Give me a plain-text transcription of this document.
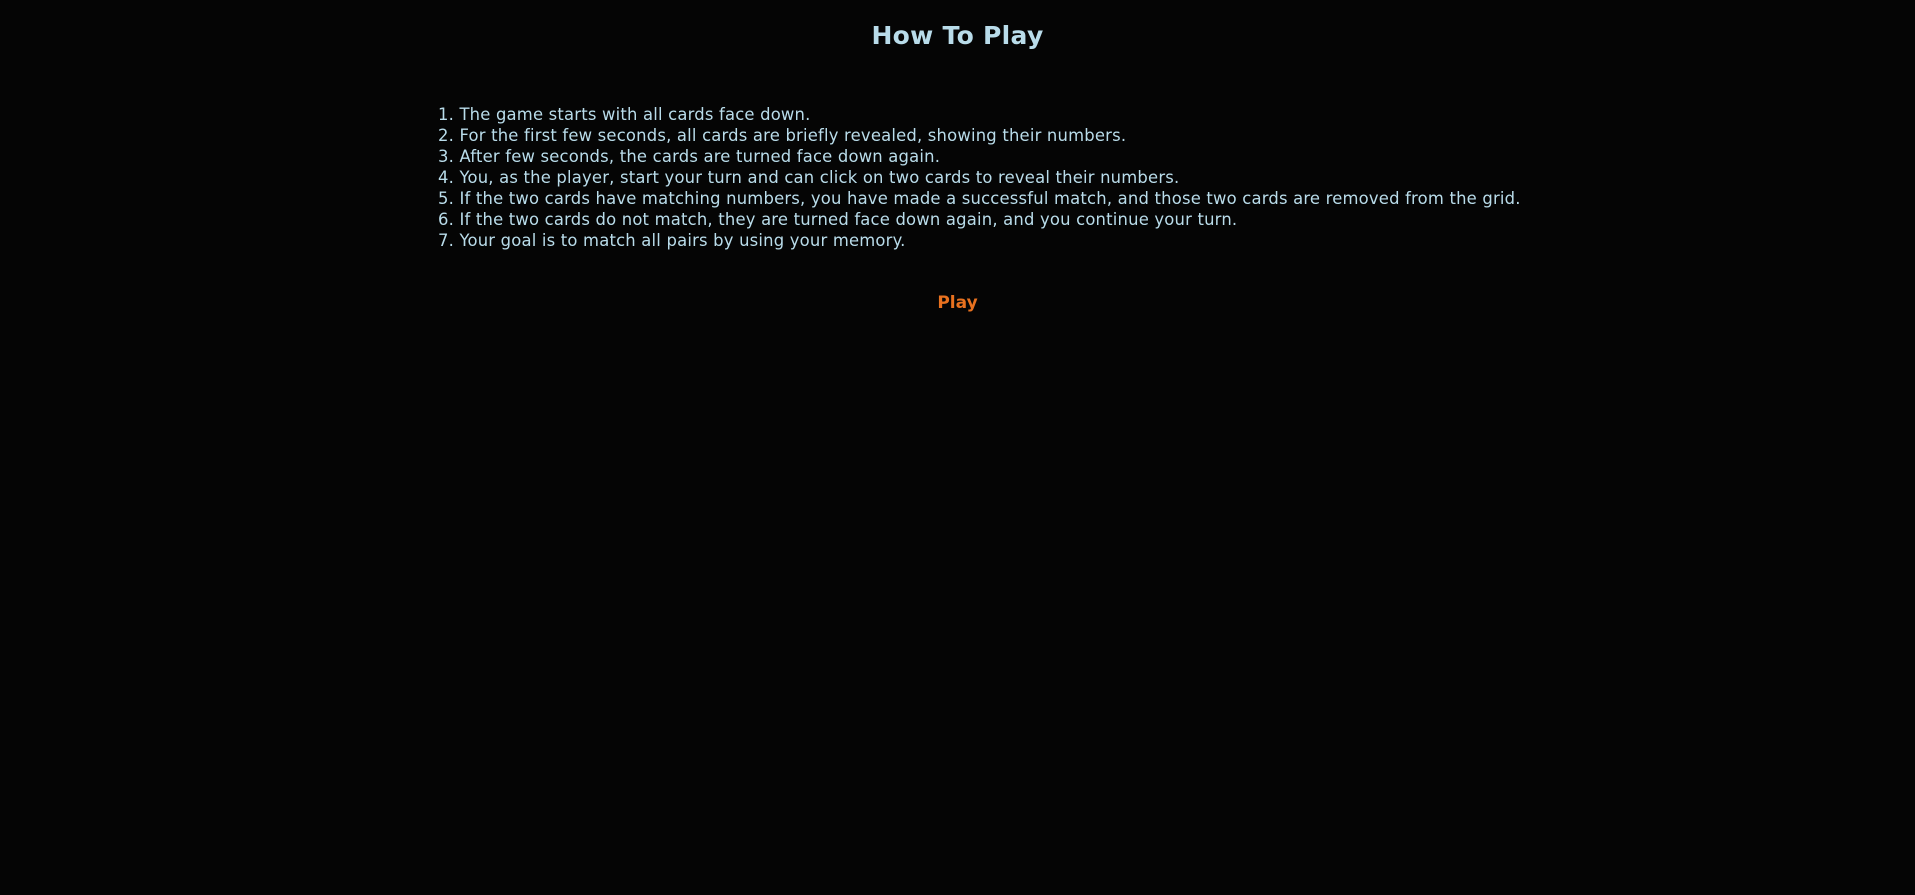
How To Play
1. The game starts with all cards face down.
2. For the first few seconds, all cards are briefly revealed, showing their numbers.
3. After few seconds, the cards are turned face down again.
4. You, as the player, start your turn and can click on two cards to reveal their numbers.
5. If the two cards have matching numbers, you have made a successful match, and those two cards are removed from the grid.
6. If the two cards do not match, they are turned face down again, and you continue your turn.
7. Your goal is to match all pairs by using your memory.
Play
